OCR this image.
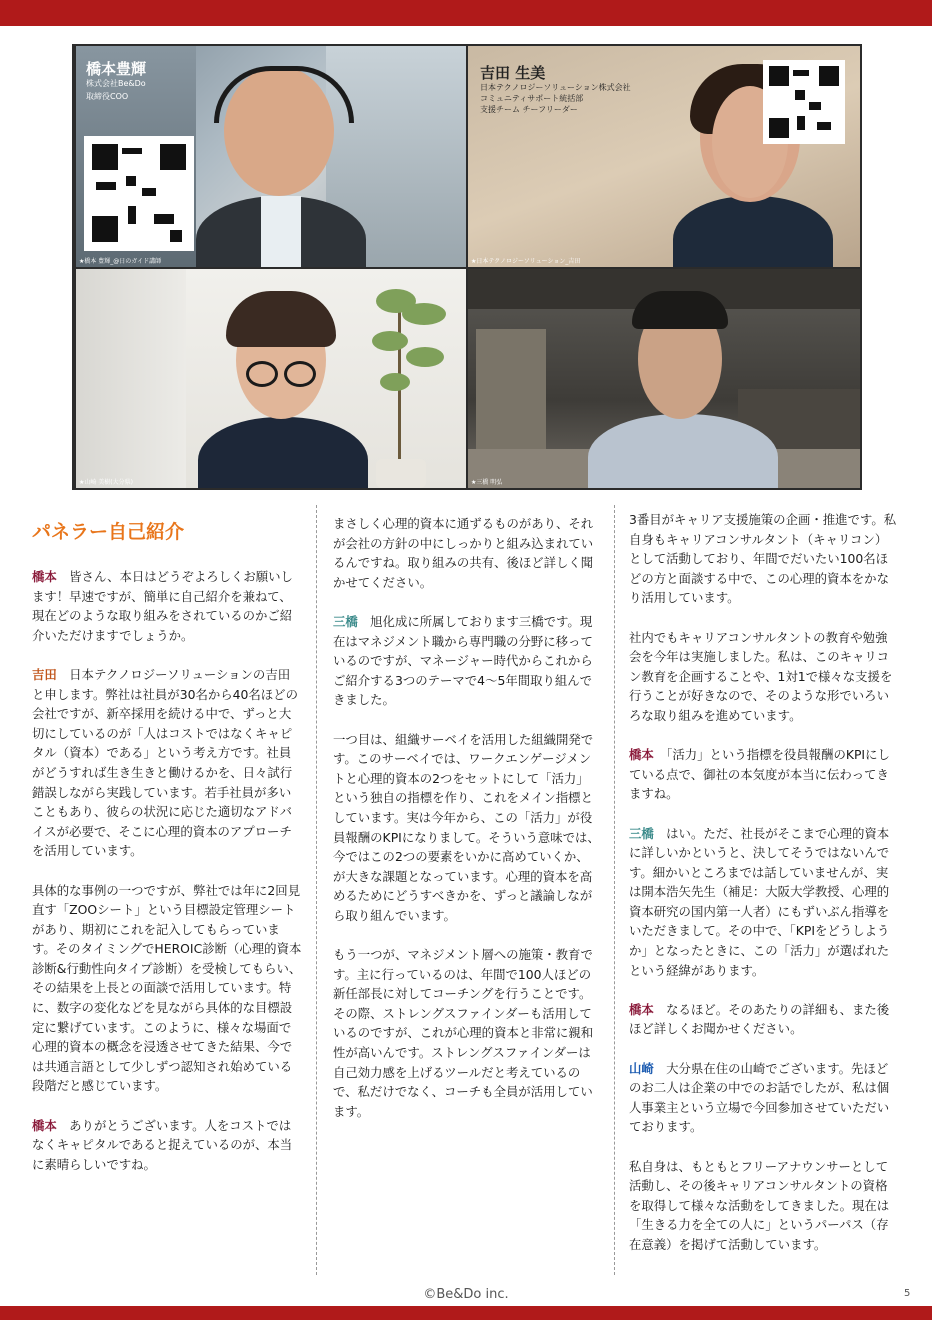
橋本豊輝
株式会社Be&Do
取締役COO
★橋本 豊輝_@日のガイド講師
吉田 生美
日本テクノロジーソリューション株式会社
コミュニティサポート統括部
支援チーム チーフリーダー
★日本テクノロジーソリューション_吉田
★山崎 美樹(大分県)	★三橋 明弘
パネラー自己紹介

橋本　 皆さん、本日はどうぞよろしくお願いします！早速ですが、簡単に自己紹介を兼ねて、現在どのような取り組みをされているのかご紹介いただけますでしょうか。

吉田　 日本テクノロジーソリューションの吉田と申します。弊社は社員が30名から40名ほどの会社ですが、新卒採用を続ける中で、ずっと大切にしているのが「人はコストではなくキャピタル（資本）である」という考え方です。社員がどうすれば生き生きと働けるかを、日々試行錯誤しながら実践しています。若手社員が多いこともあり、彼らの状況に応じた適切なアドバイスが必要で、そこに心理的資本のアプローチを活用しています。

具体的な事例の一つですが、弊社では年に2回見直す「ZOOシート」という目標設定管理シートがあり、期初にこれを記入してもらっています。そのタイミングでHEROIC診断（心理的資本診断&行動性向タイプ診断）を受検してもらい、その結果を上長との面談で活用しています。特に、数字の変化などを見ながら具体的な目標設定に繋げています。このように、様々な場面で心理的資本の概念を浸透させてきた結果、今では共通言語として少しずつ認知され始めている段階だと感じています。

橋本　 ありがとうございます。人をコストではなくキャピタルであると捉えているのが、本当に素晴らしいですね。

まさしく心理的資本に通ずるものがあり、それが会社の方針の中にしっかりと組み込まれているんですね。取り組みの共有、後ほど詳しく聞かせてください。

三橋　 旭化成に所属しております三橋です。現在はマネジメント職から専門職の分野に移っているのですが、マネージャー時代からこれからご紹介する3つのテーマで4～5年間取り組んできました。

一つ目は、組織サーベイを活用した組織開発です。このサーベイでは、ワークエンゲージメントと心理的資本の2つをセットにして「活力」という独自の指標を作り、これをメイン指標としています。実は今年から、この「活力」が役員報酬のKPIになりまして。そういう意味では、今ではこの2つの要素をいかに高めていくか、が大きな課題となっています。心理的資本を高めるためにどうすべきかを、ずっと議論しながら取り組んでいます。

もう一つが、マネジメント層への施策・教育です。主に行っているのは、年間で100人ほどの新任部長に対してコーチングを行うことです。その際、ストレングスファインダーも活用しているのですが、これが心理的資本と非常に親和性が高いんです。ストレングスファインダーは自己効力感を上げるツールだと考えているので、私だけでなく、コーチも全員が活用しています。

3番目がキャリア支援施策の企画・推進です。私自身もキャリアコンサルタント（キャリコン）として活動しており、年間でだいたい100名ほどの方と面談する中で、この心理的資本をかなり活用しています。

社内でもキャリアコンサルタントの教育や勉強会を今年は実施しました。私は、このキャリコン教育を企画することや、1対1で様々な支援を行うことが好きなので、そのような形でいろいろな取り組みを進めています。

橋本　 「活力」という指標を役員報酬のKPIにしている点で、御社の本気度が本当に伝わってきますね。

三橋　 はい。ただ、社長がそこまで心理的資本に詳しいかというと、決してそうではないんです。細かいところまでは話していませんが、実は開本浩矢先生（補足：大阪大学教授、心理的資本研究の国内第一人者）にもずいぶん指導をいただきまして。その中で、「KPIをどうしようか」となったときに、この「活力」が選ばれたという経緯があります。

橋本　 なるほど。そのあたりの詳細も、また後ほど詳しくお聞かせください。

山崎　 大分県在住の山崎でございます。先ほどのお二人は企業の中でのお話でしたが、私は個人事業主という立場で今回参加させていただいております。

私自身は、もともとフリーアナウンサーとして活動し、その後キャリアコンサルタントの資格を取得して様々な活動をしてきました。現在は「生きる力を全ての人に」というパーパス（存在意義）を掲げて活動しています。

©Be&Do inc.	5
